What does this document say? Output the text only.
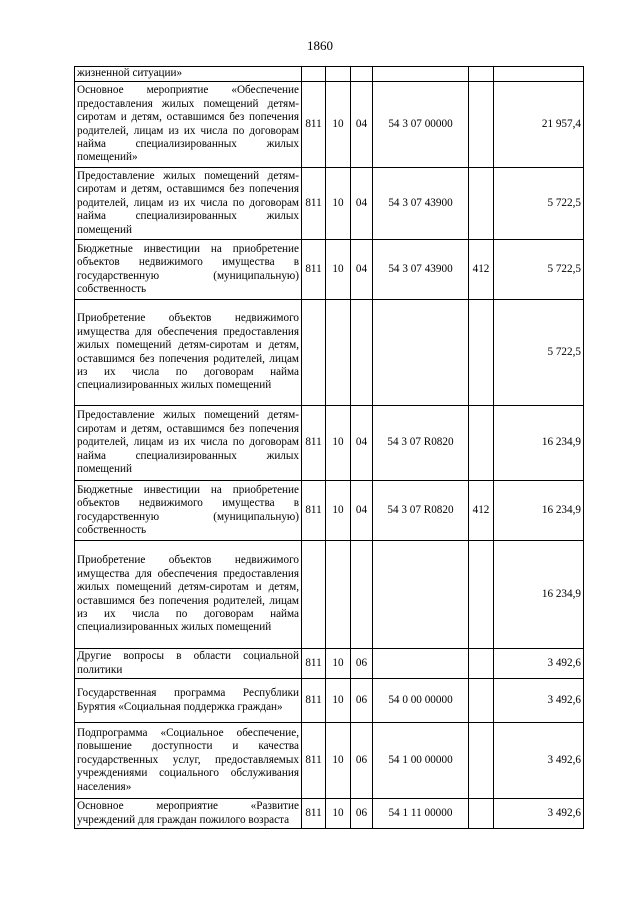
1860
жизненной ситуации»						
Основное мероприятие «Обеспечение предоставления жилых помещений детям-сиротам и детям, оставшимся без попечения родителей, лицам из их числа по договорам найма специализированных жилых помещений»	811	10	04	54 3 07 00000		21 957,4
Предоставление жилых помещений детям-сиротам и детям, оставшимся без попечения родителей, лицам из их числа по договорам найма специализированных жилых помещений	811	10	04	54 3 07 43900		5 722,5
Бюджетные инвестиции на приобретение объектов недвижимого имущества в государственную (муниципальную) собственность	811	10	04	54 3 07 43900	412	5 722,5
Приобретение объектов недвижимого имущества для обеспечения предоставления жилых помещений детям-сиротам и детям, оставшимся без попечения родителей, лицам из их числа по договорам найма специализированных жилых помещений						5 722,5
Предоставление жилых помещений детям-сиротам и детям, оставшимся без попечения родителей, лицам из их числа по договорам найма специализированных жилых помещений	811	10	04	54 3 07 R0820		16 234,9
Бюджетные инвестиции на приобретение объектов недвижимого имущества в государственную (муниципальную) собственность	811	10	04	54 3 07 R0820	412	16 234,9
Приобретение объектов недвижимого имущества для обеспечения предоставления жилых помещений детям-сиротам и детям, оставшимся без попечения родителей, лицам из их числа по договорам найма специализированных жилых помещений						16 234,9
Другие вопросы в области социальной политики	811	10	06			3 492,6
Государственная программа Республики Бурятия «Социальная поддержка граждан»	811	10	06	54 0 00 00000		3 492,6
Подпрограмма «Социальное обеспечение, повышение доступности и качества государственных услуг, предоставляемых учреждениями социального обслуживания населения»	811	10	06	54 1 00 00000		3 492,6
Основное мероприятие «Развитие учреждений для граждан пожилого возраста	811	10	06	54 1 11 00000		3 492,6
